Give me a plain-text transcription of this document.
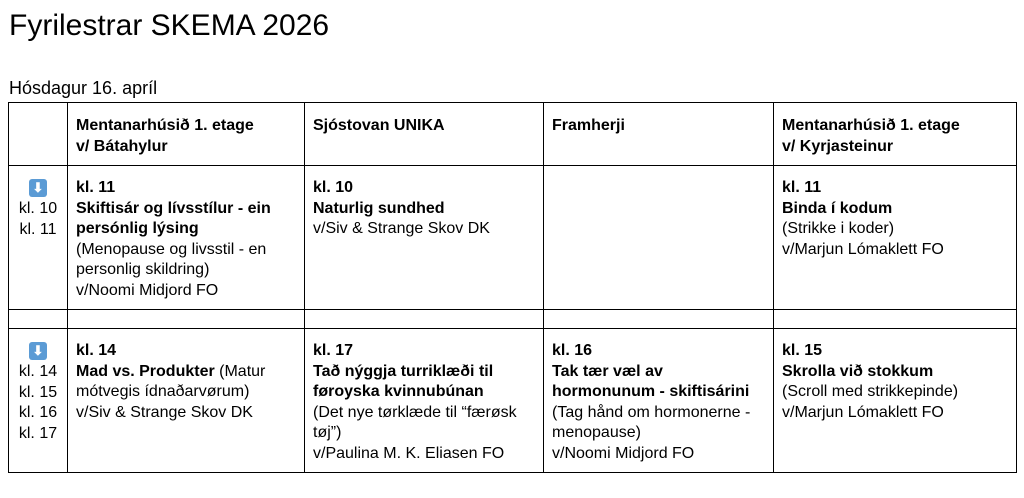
Fyrilestrar SKEMA 2026
Hósdagur 16. apríl

	Mentanarhúsið 1. etage
v/ Bátahylur	Sjóstovan UNIKA	Framherji	Mentanarhúsið 1. etage
v/ Kyrjasteinur

⬇
kl. 10
kl. 11	kl. 11
Skiftisár og lívsstílur - ein persónlig lýsing
(Menopause og livsstil - en personlig skildring)
v/Noomi Midjord FO	kl. 10
Naturlig sundhed
v/Siv & Strange Skov DK		kl. 11
Binda í kodum
(Strikke i koder)
v/Marjun Lómaklett FO

⬇
kl. 14
kl. 15
kl. 16
kl. 17	kl. 14
Mad vs. Produkter (Matur mótvegis ídnaðarvørum)
v/Siv & Strange Skov DK	kl. 17
Tað nýggja turriklæði til føroyska kvinnubúnan
(Det nye tørklæde til “færøsk tøj”)
v/Paulina M. K. Eliasen FO	kl. 16
Tak tær væl av hormonunum - skiftisárini
(Tag hånd om hormonerne - menopause)
v/Noomi Midjord FO	kl. 15
Skrolla við stokkum
(Scroll med strikkepinde)
v/Marjun Lómaklett FO
